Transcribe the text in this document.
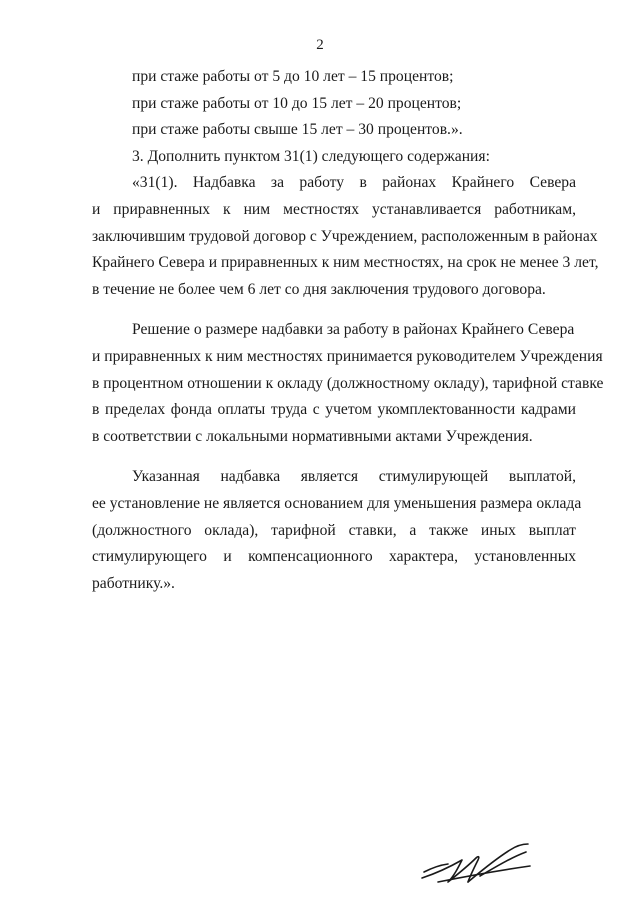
2

при стаже работы от 5 до 10 лет – 15 процентов;

при стаже работы от 10 до 15 лет – 20 процентов;

при стаже работы свыше 15 лет – 30 процентов.».

3. Дополнить пунктом 31(1) следующего содержания:

«31(1). Надбавка за работу в районах Крайнего Севера

и приравненных к ним местностях устанавливается работникам,

заключившим трудовой договор с Учреждением, расположенным в районах

Крайнего Севера и приравненных к ним местностях, на срок не менее 3 лет,

в течение не более чем 6 лет со дня заключения трудового договора.

Решение о размере надбавки за работу в районах Крайнего Севера

и приравненных к ним местностях принимается руководителем Учреждения

в процентном отношении к окладу (должностному окладу), тарифной ставке

в пределах фонда оплаты труда с учетом укомплектованности кадрами

в соответствии с локальными нормативными актами Учреждения.

Указанная надбавка является стимулирующей выплатой,

ее установление не является основанием для уменьшения размера оклада

(должностного оклада), тарифной ставки, а также иных выплат

стимулирующего и компенсационного характера, установленных

работнику.».
